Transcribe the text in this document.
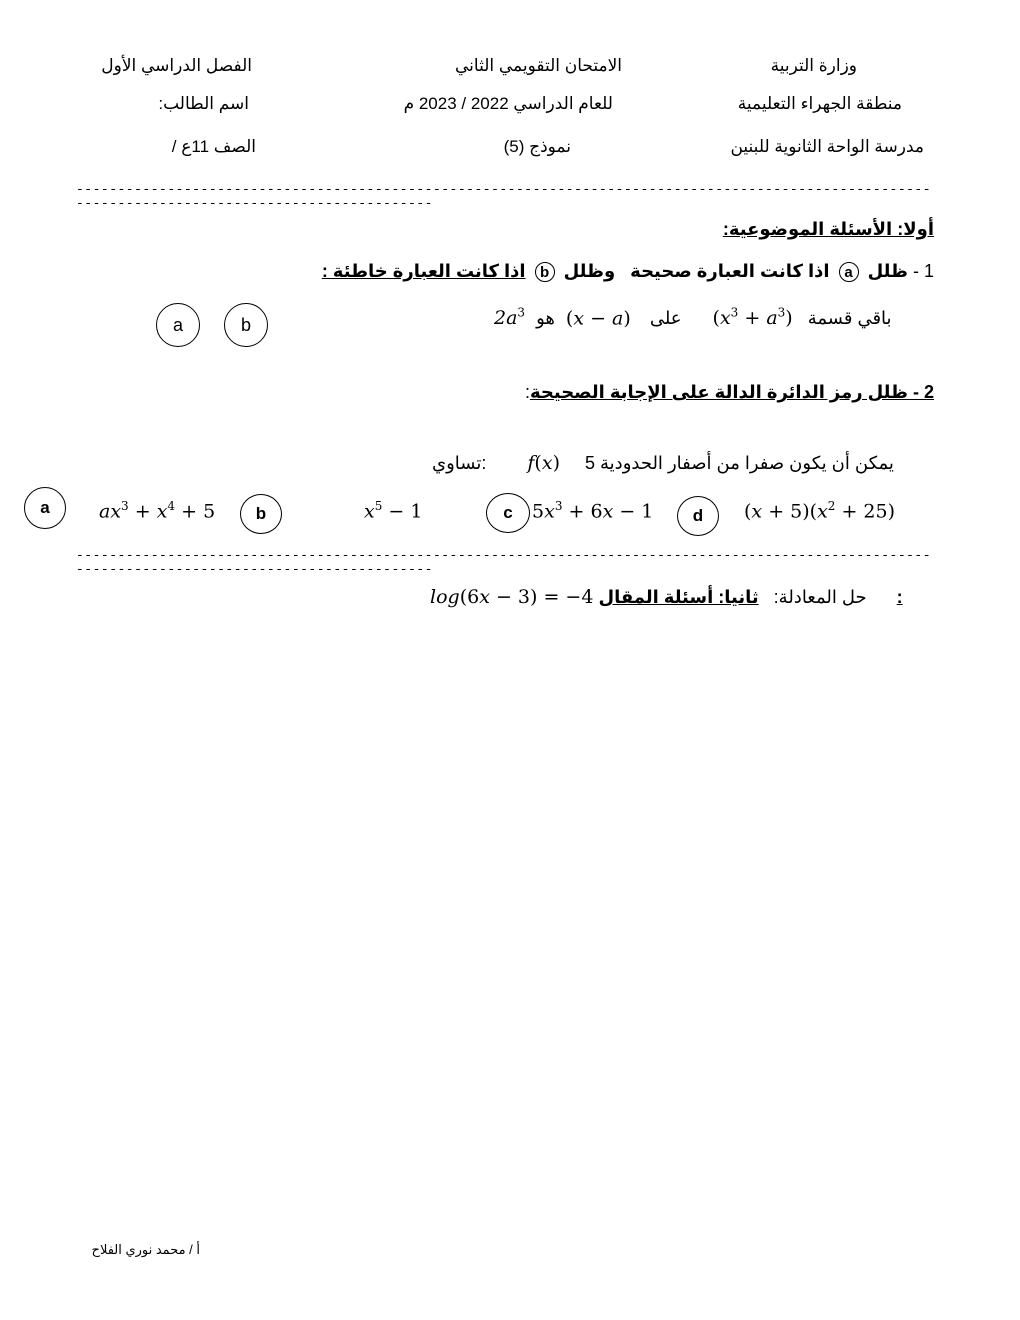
وزارة التربية
منطقة الجهراء التعليمية
مدرسة الواحة الثانوية للبنين
الامتحان التقويمي الثاني
للعام الدراسي 2022 / 2023 م
نموذج (5)
الفصل الدراسي الأول
اسم الطالب:
الصف 11ع /
--------------------------------------------------------------------------------------------------------------------------------------------------
أولا: الأسئلة الموضوعية:
1 - ظلل a اذا كانت العبارة صحيحة   وظلل b اذا كانت العبارة خاطئة :
$2a^3$ هو (x − a) على $(x^3 + a^3)$ باقي قسمة
a	b
2 - ظلل رمز الدائرة الدالة على الإجابة الصحيحة:
تساوي: f(x) 5 يمكن أن يكون صفرا من أصفار الحدودية
a	$ax^3 + x^4 + 5$	b	$x^5 - 1$	c	$5x^3 + 6x - 1$	d	$(x + 5)(x^2 + 25)$
--------------------------------------------------------------------------------------------------------------------------------------------------
log(6x − 3) = −4	حل المعادلة: ثانيا: أسئلة المقال:
أ / محمد نوري الفلاح
